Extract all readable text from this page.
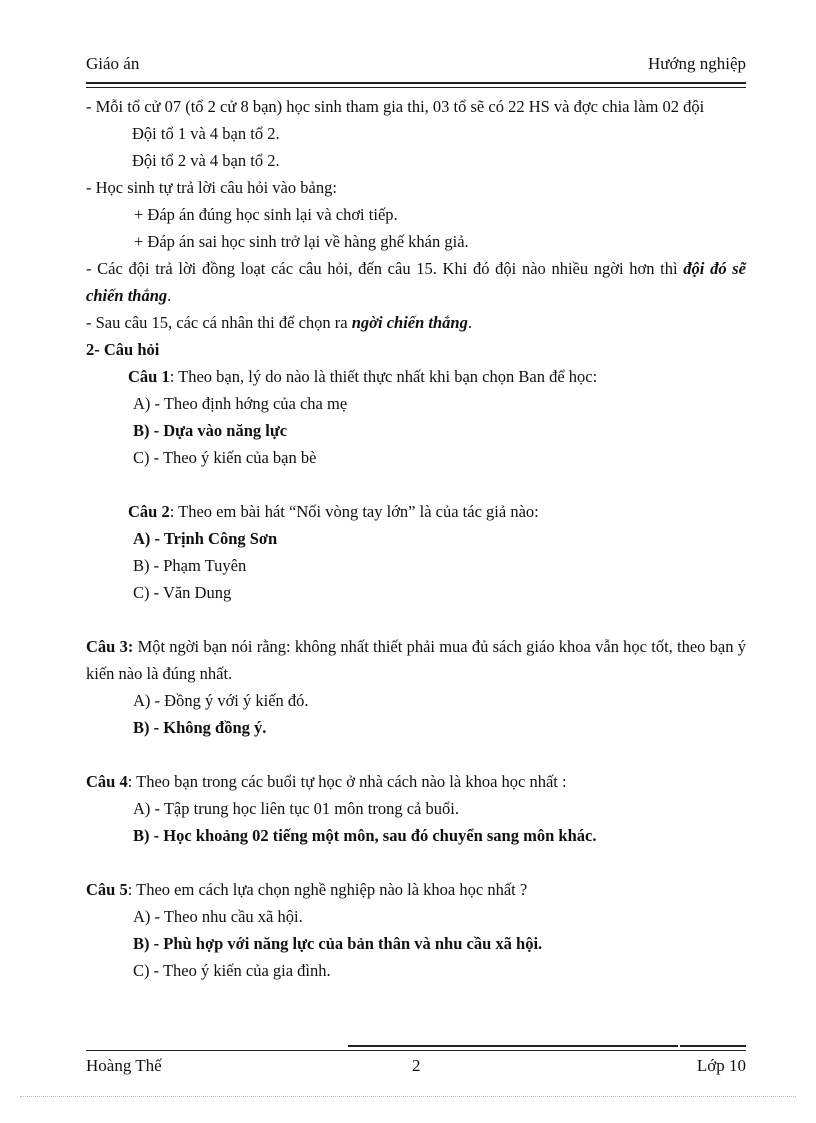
Giáo án	Hướng nghiệp

- Mỗi tổ cử 07 (tổ 2 cử 8 bạn) học sinh tham gia thi, 03 tổ sẽ có 22 HS và đợc chia làm 02 đội

Đội tổ 1 và 4 bạn tổ 2.

Đội tổ 2 và 4 bạn tổ 2.

- Học sinh tự trả lời câu hỏi vào bảng:

+ Đáp án đúng học sinh lại và chơi tiếp.

+ Đáp án sai học sinh trở lại về hàng ghế khán giả.

- Các đội trả lời đồng loạt các câu hỏi, đến câu 15. Khi đó đội nào nhiều ngời hơn thì đội đó sẽ chiến thắng.

- Sau câu 15, các cá nhân thi để chọn ra ngời chiến thắng.

2- Câu hỏi

Câu 1: Theo bạn, lý do nào là thiết thực nhất khi bạn chọn Ban để học:

A) - Theo định hớng của cha mẹ

B) - Dựa vào năng lực

C) - Theo ý kiến của bạn bè

Câu 2: Theo em bài hát “Nối vòng tay lớn” là của tác giả nào:

A) - Trịnh Công Sơn

B) - Phạm Tuyên

C) - Văn Dung

Câu 3: Một ngời bạn nói rằng: không nhất thiết phải mua đủ sách giáo khoa vẫn học tốt, theo bạn ý kiến nào là đúng nhất.

A) - Đồng ý với ý kiến đó.

B) - Không đồng ý.

Câu 4: Theo bạn trong các buổi tự học ở nhà cách nào là khoa học nhất :

A) - Tập trung học liên tục 01 môn trong cả buổi.

B) - Học khoảng 02 tiếng một môn, sau đó chuyển sang môn khác.

Câu 5: Theo em cách lựa chọn nghề nghiệp nào là khoa học nhất ?

A) - Theo nhu cầu xã hội.

B) - Phù hợp với năng lực của bản thân và nhu cầu xã hội.

C) - Theo ý kiến của gia đình.

Hoàng Thế	2	Lớp 10
